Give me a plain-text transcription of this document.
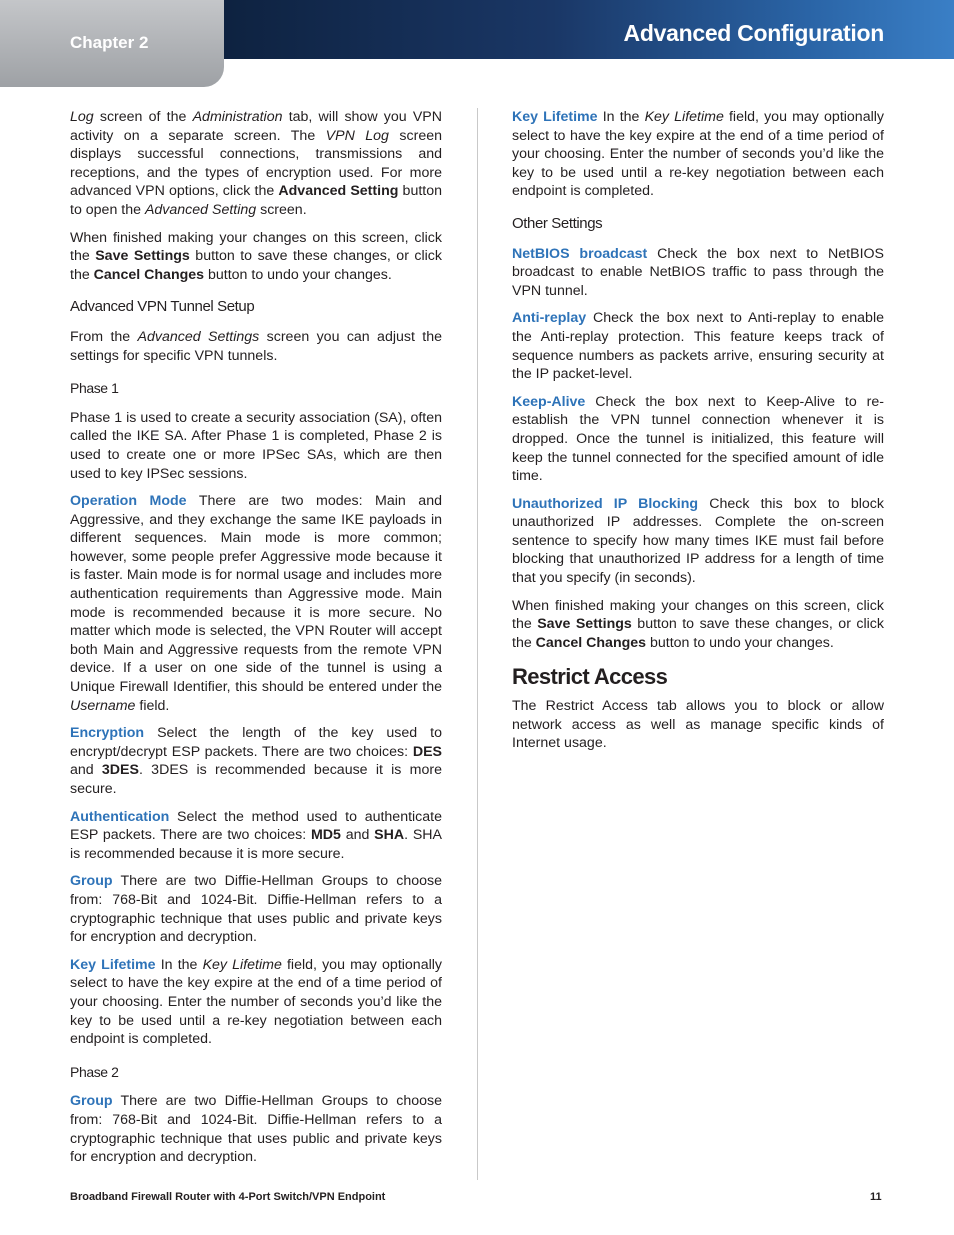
Chapter 2	Advanced Configuration

Log screen of the Administration tab, will show you VPN activity on a separate screen. The VPN Log screen displays successful connections, transmissions and receptions, and the types of encryption used. For more advanced VPN options, click the Advanced Setting button to open the Advanced Setting screen.

When finished making your changes on this screen, click the Save Settings button to save these changes, or click the Cancel Changes button to undo your changes.

Advanced VPN Tunnel Setup

From the Advanced Settings screen you can adjust the settings for specific VPN tunnels.

Phase 1

Phase 1 is used to create a security association (SA), often called the IKE SA. After Phase 1 is completed, Phase 2 is used to create one or more IPSec SAs, which are then used to key IPSec sessions.

Operation Mode There are two modes: Main and Aggressive, and they exchange the same IKE payloads in different sequences. Main mode is more common; however, some people prefer Aggressive mode because it is faster. Main mode is for normal usage and includes more authentication requirements than Aggressive mode. Main mode is recommended because it is more secure. No matter which mode is selected, the VPN Router will accept both Main and Aggressive requests from the remote VPN device. If a user on one side of the tunnel is using a Unique Firewall Identifier, this should be entered under the Username field.

Encryption Select the length of the key used to encrypt/decrypt ESP packets. There are two choices: DES and 3DES. 3DES is recommended because it is more secure.

Authentication Select the method used to authenticate ESP packets. There are two choices: MD5 and SHA. SHA is recommended because it is more secure.

Group There are two Diffie-Hellman Groups to choose from: 768-Bit and 1024-Bit. Diffie-Hellman refers to a cryptographic technique that uses public and private keys for encryption and decryption.

Key Lifetime In the Key Lifetime field, you may optionally select to have the key expire at the end of a time period of your choosing. Enter the number of seconds you’d like the key to be used until a re-key negotiation between each endpoint is completed.

Phase 2

Group There are two Diffie-Hellman Groups to choose from: 768-Bit and 1024-Bit. Diffie-Hellman refers to a cryptographic technique that uses public and private keys for encryption and decryption.

Key Lifetime In the Key Lifetime field, you may optionally select to have the key expire at the end of a time period of your choosing. Enter the number of seconds you’d like the key to be used until a re-key negotiation between each endpoint is completed.

Other Settings

NetBIOS broadcast Check the box next to NetBIOS broadcast to enable NetBIOS traffic to pass through the VPN tunnel.

Anti-replay Check the box next to Anti-replay to enable the Anti-replay protection. This feature keeps track of sequence numbers as packets arrive, ensuring security at the IP packet-level.

Keep-Alive Check the box next to Keep-Alive to re-establish the VPN tunnel connection whenever it is dropped. Once the tunnel is initialized, this feature will keep the tunnel connected for the specified amount of idle time.

Unauthorized IP Blocking Check this box to block unauthorized IP addresses. Complete the on-screen sentence to specify how many times IKE must fail before blocking that unauthorized IP address for a length of time that you specify (in seconds).

When finished making your changes on this screen, click the Save Settings button to save these changes, or click the Cancel Changes button to undo your changes.

Restrict Access

The Restrict Access tab allows you to block or allow network access as well as manage specific kinds of Internet usage.

Broadband Firewall Router with 4-Port Switch/VPN Endpoint	11
